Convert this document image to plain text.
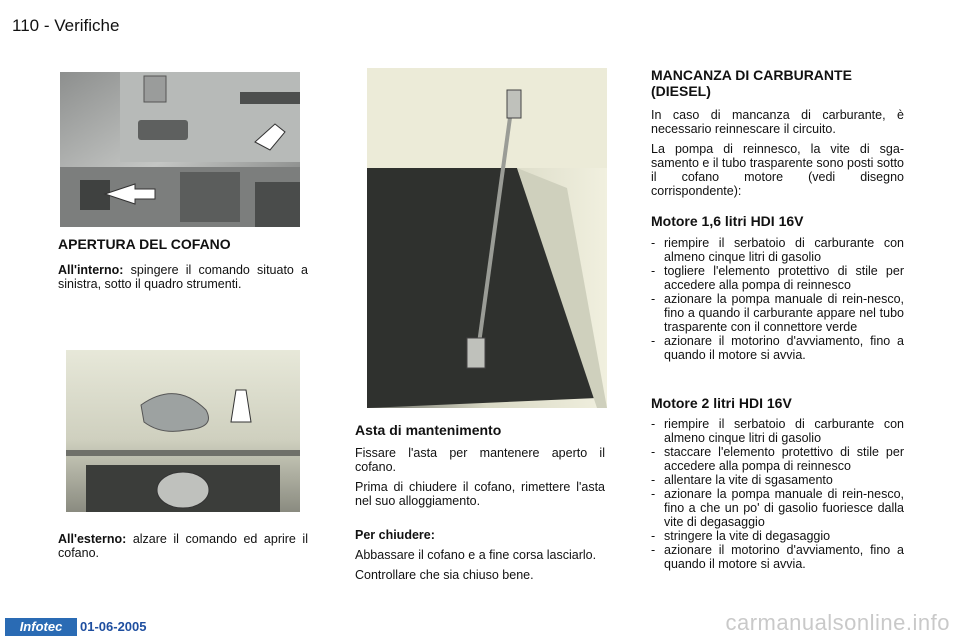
110 - Verifiche
APERTURA DEL COFANO
All'interno: spingere il comando situato a sinistra, sotto il quadro strumenti.
All'esterno: alzare il comando ed aprire il cofano.
Asta di mantenimento

Fissare l'asta per mantenere aperto il cofano.

Prima di chiudere il cofano, rimettere l'asta nel suo alloggiamento.

Per chiudere:

Abbassare il cofano e a fine corsa lasciarlo.

Controllare che sia chiuso bene.

MANCANZA DI CARBURANTE (DIESEL)

In caso di mancanza di carburante, è necessario reinnescare il circuito.

La pompa di reinnesco, la vite di sga-samento e il tubo trasparente sono posti sotto il cofano motore (vedi disegno corrispondente):

Motore 1,6 litri HDI 16V
- riempire il serbatoio di carburante con almeno cinque litri di gasolio
- togliere l'elemento protettivo di stile per accedere alla pompa di reinnesco
- azionare la pompa manuale di rein-nesco, fino a quando il carburante appare nel tubo trasparente con il connettore verde
- azionare il motorino d'avviamento, fino a quando il motore si avvia.
Motore 2 litri HDI 16V
- riempire il serbatoio di carburante con almeno cinque litri di gasolio
- staccare l'elemento protettivo di stile per accedere alla pompa di reinnesco
- allentare la vite di sgasamento
- azionare la pompa manuale di rein-nesco, fino a che un po' di gasolio fuoriesce dalla vite di degasaggio
- stringere la vite di degasaggio
- azionare il motorino d'avviamento, fino a quando il motore si avvia.
Infotec	01-06-2005	carmanualsonline.info
